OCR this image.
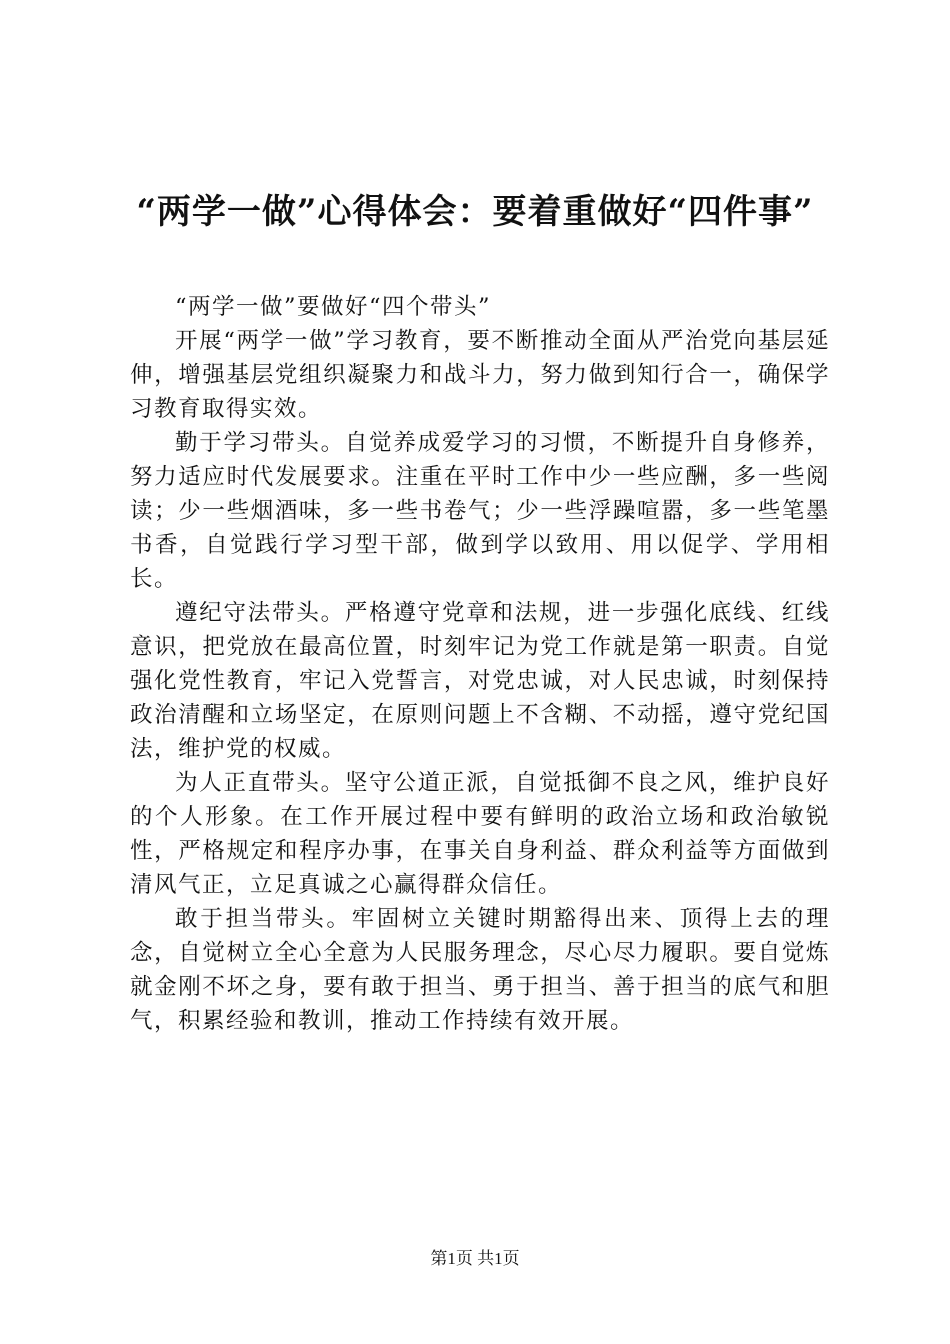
“两学一做”心得体会：要着重做好“四件事”

“两学一做”要做好“四个带头”

开展“两学一做”学习教育，要不断推动全面从严治党向基层延伸，增强基层党组织凝聚力和战斗力，努力做到知行合一，确保学习教育取得实效。

勤于学习带头。自觉养成爱学习的习惯，不断提升自身修养，努力适应时代发展要求。注重在平时工作中少一些应酬，多一些阅读；少一些烟酒味，多一些书卷气；少一些浮躁喧嚣，多一些笔墨书香，自觉践行学习型干部，做到学以致用、用以促学、学用相长。

遵纪守法带头。严格遵守党章和法规，进一步强化底线、红线意识，把党放在最高位置，时刻牢记为党工作就是第一职责。自觉强化党性教育，牢记入党誓言，对党忠诚，对人民忠诚，时刻保持政治清醒和立场坚定，在原则问题上不含糊、不动摇，遵守党纪国法，维护党的权威。

为人正直带头。坚守公道正派，自觉抵御不良之风，维护良好的个人形象。在工作开展过程中要有鲜明的政治立场和政治敏锐性，严格规定和程序办事，在事关自身利益、群众利益等方面做到清风气正，立足真诚之心赢得群众信任。

敢于担当带头。牢固树立关键时期豁得出来、顶得上去的理念，自觉树立全心全意为人民服务理念，尽心尽力履职。要自觉炼就金刚不坏之身，要有敢于担当、勇于担当、善于担当的底气和胆气，积累经验和教训，推动工作持续有效开展。

第1页 共1页
